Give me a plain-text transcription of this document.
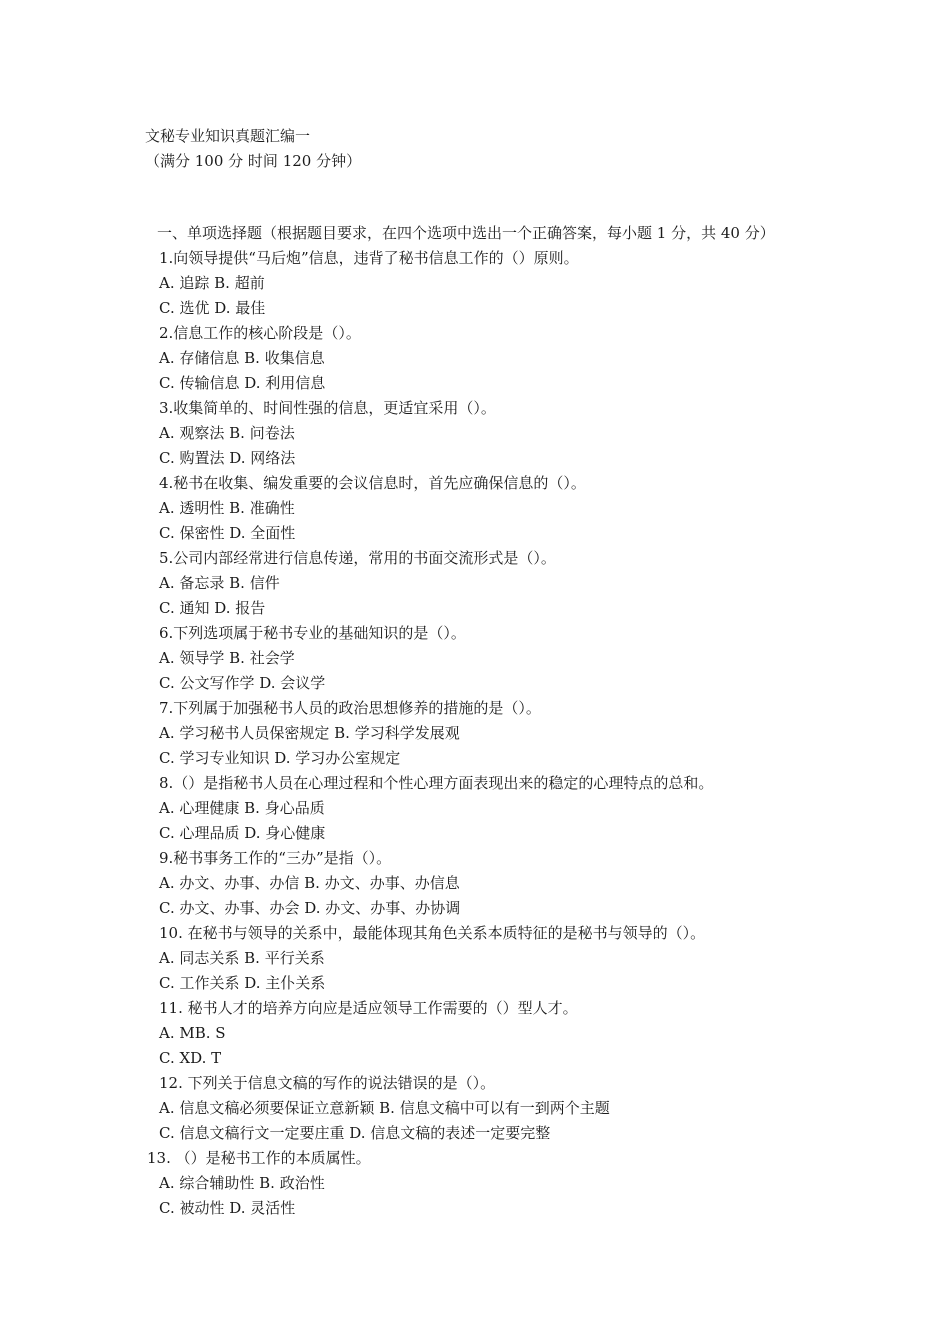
文秘专业知识真题汇编一
（满分 100 分 时间 120 分钟）
一、单项选择题（根据题目要求，在四个选项中选出一个正确答案，每小题 1 分，共 40 分）
1.向领导提供“马后炮”信息，违背了秘书信息工作的（）原则。
A. 追踪 B. 超前
C. 选优 D. 最佳
2.信息工作的核心阶段是（）。
A. 存储信息 B. 收集信息
C. 传输信息 D. 利用信息
3.收集简单的、时间性强的信息，更适宜采用（）。
A. 观察法 B. 问卷法
C. 购置法 D. 网络法
4.秘书在收集、编发重要的会议信息时，首先应确保信息的（）。
A. 透明性 B. 准确性
C. 保密性 D. 全面性
5.公司内部经常进行信息传递，常用的书面交流形式是（）。
A. 备忘录 B. 信件
C. 通知 D. 报告
6.下列选项属于秘书专业的基础知识的是（）。
A. 领导学 B. 社会学
C. 公文写作学 D. 会议学
7.下列属于加强秘书人员的政治思想修养的措施的是（）。
A. 学习秘书人员保密规定 B. 学习科学发展观
C. 学习专业知识 D. 学习办公室规定
8.（）是指秘书人员在心理过程和个性心理方面表现出来的稳定的心理特点的总和。
A. 心理健康 B. 身心品质
C. 心理品质 D. 身心健康
9.秘书事务工作的“三办”是指（）。
A. 办文、办事、办信 B. 办文、办事、办信息
C. 办文、办事、办会 D. 办文、办事、办协调
10. 在秘书与领导的关系中，最能体现其角色关系本质特征的是秘书与领导的（）。
A. 同志关系 B. 平行关系
C. 工作关系 D. 主仆关系
11. 秘书人才的培养方向应是适应领导工作需要的（）型人才。
A. MB. S
C. XD. T
12. 下列关于信息文稿的写作的说法错误的是（）。
A. 信息文稿必须要保证立意新颖 B. 信息文稿中可以有一到两个主题
C. 信息文稿行文一定要庄重 D. 信息文稿的表述一定要完整
13. （）是秘书工作的本质属性。
A. 综合辅助性 B. 政治性
C. 被动性 D. 灵活性
